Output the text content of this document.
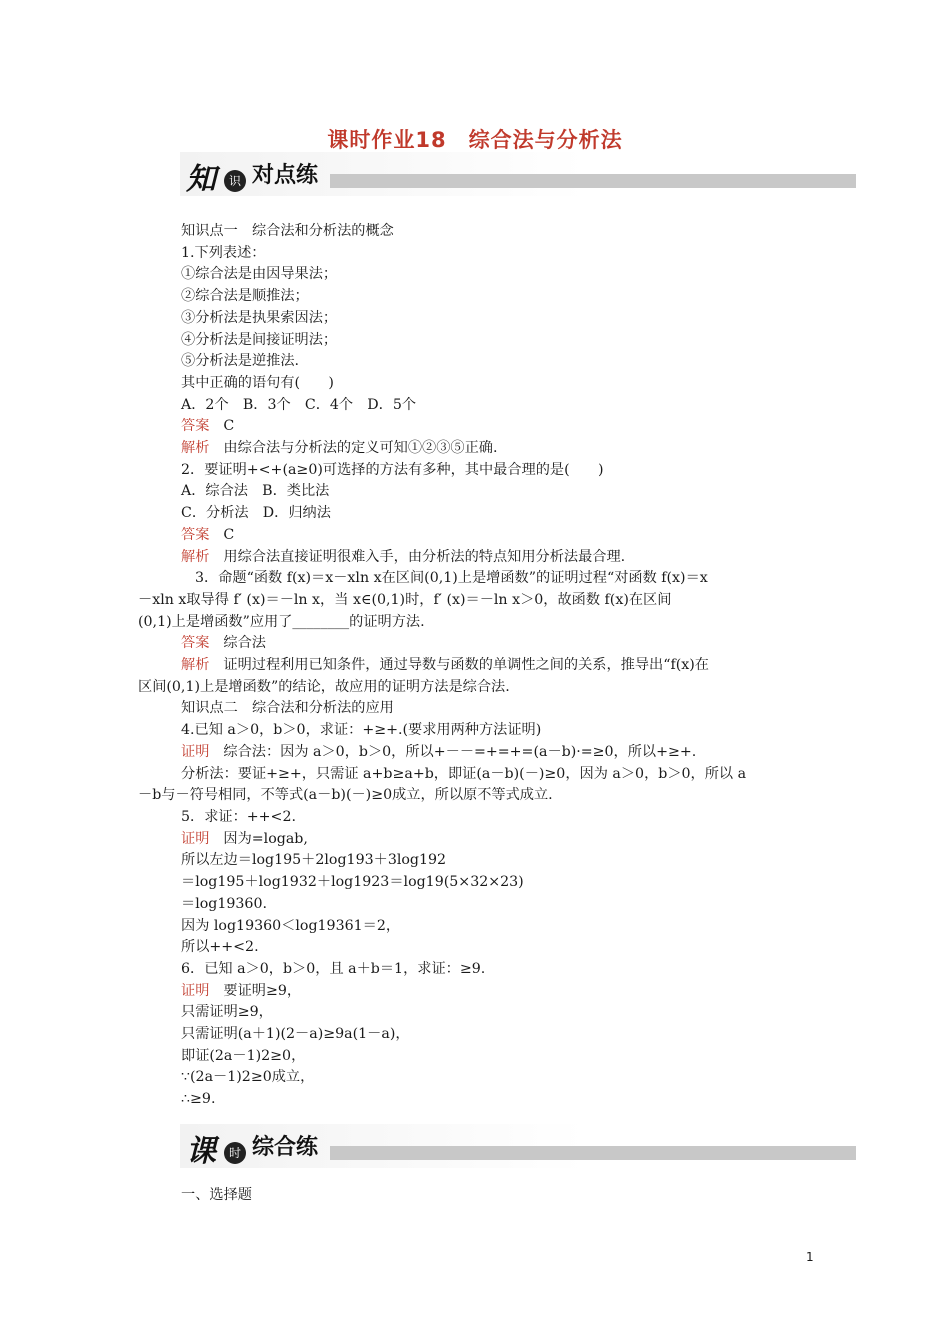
课时作业18　综合法与分析法
知	识 对点练
知识点一　综合法和分析法的概念
1.下列表述：
①综合法是由因导果法；
②综合法是顺推法；
③分析法是执果索因法；
④分析法是间接证明法；
⑤分析法是逆推法.
其中正确的语句有(　　)
A．2个　B．3个　C．4个　D．5个
答案 C
解析 由综合法与分析法的定义可知①②③⑤正确.
2．要证明+<+(a≥0)可选择的方法有多种，其中最合理的是(　　)
A．综合法　B．类比法
C．分析法　D．归纳法
答案 C
解析 用综合法直接证明很难入手，由分析法的特点知用分析法最合理.
3．命题“函数 f(x)＝x－xln x在区间(0,1)上是增函数”的证明过程“对函数 f(x)＝x
－xln x取导得 f′ (x)＝－ln x，当 x∈(0,1)时，f′ (x)＝－ln x＞0，故函数 f(x)在区间
(0,1)上是增函数”应用了________的证明方法.
答案 综合法
解析 证明过程利用已知条件，通过导数与函数的单调性之间的关系，推导出“f(x)在
区间(0,1)上是增函数”的结论，故应用的证明方法是综合法.
知识点二　综合法和分析法的应用
4.已知 a＞0，b＞0，求证：+≥+.(要求用两种方法证明)
证明 综合法：因为 a＞0，b＞0，所以+－－=+=+=(a－b)·=≥0，所以+≥+.
分析法：要证+≥+，只需证 a+b≥a+b，即证(a－b)(－)≥0，因为 a＞0，b＞0，所以 a
－b与－符号相同，不等式(a－b)(－)≥0成立，所以原不等式成立.
5．求证：++<2.
证明 因为=logab,
所以左边＝log195＋2log193＋3log192
＝log195＋log1932＋log1923＝log19(5×32×23)
＝log19360.
因为 log19360＜log19361＝2，
所以++<2.
6．已知 a＞0，b＞0，且 a＋b＝1，求证：≥9.
证明 要证明≥9，
只需证明≥9，
只需证明(a＋1)(2－a)≥9a(1－a)，
即证(2a－1)2≥0，
∵(2a－1)2≥0成立，
∴≥9.
课	时 综合练
一、选择题
1
